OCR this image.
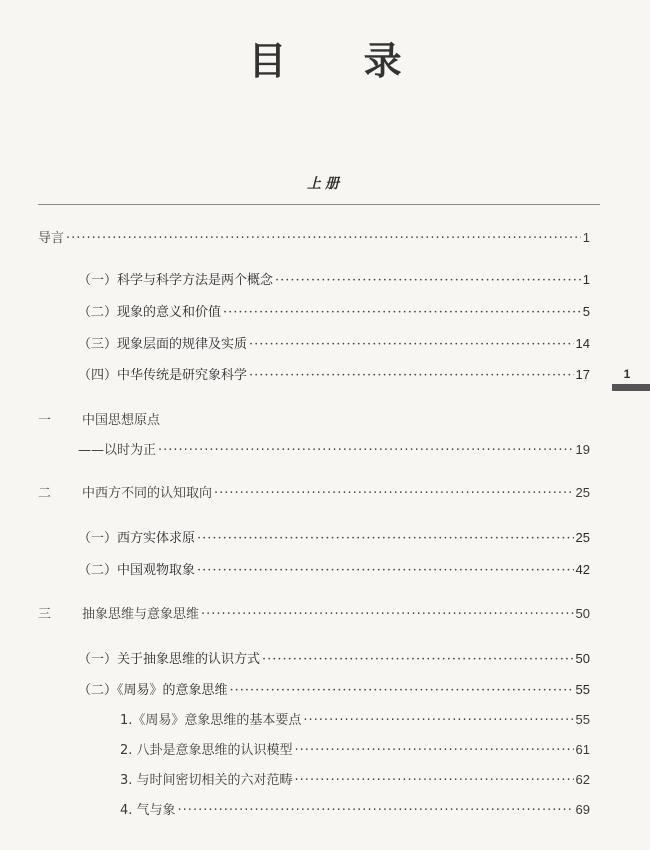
目 录
上册
1
导言 ·····	1
（一）科学与科学方法是两个概念 ·····	1
（二）现象的意义和价值 ·····	5
（三）现象层面的规律及实质 ·····	14
（四）中华传统是研究象科学 ·····	17
一 中国思想原点
——以时为正 ·····	19
二 中西方不同的认知取向 ·····	25
（一）西方实体求原 ·····	25
（二）中国观物取象 ·····	42
三 抽象思维与意象思维 ·····	50
（一）关于抽象思维的认识方式 ·····	50
（二）《周易》的意象思维 ·····	55
1.《周易》意象思维的基本要点 ·····	55
2. 八卦是意象思维的认识模型 ·····	61
3. 与时间密切相关的六对范畴 ·····	62
4. 气与象 ·····	69
